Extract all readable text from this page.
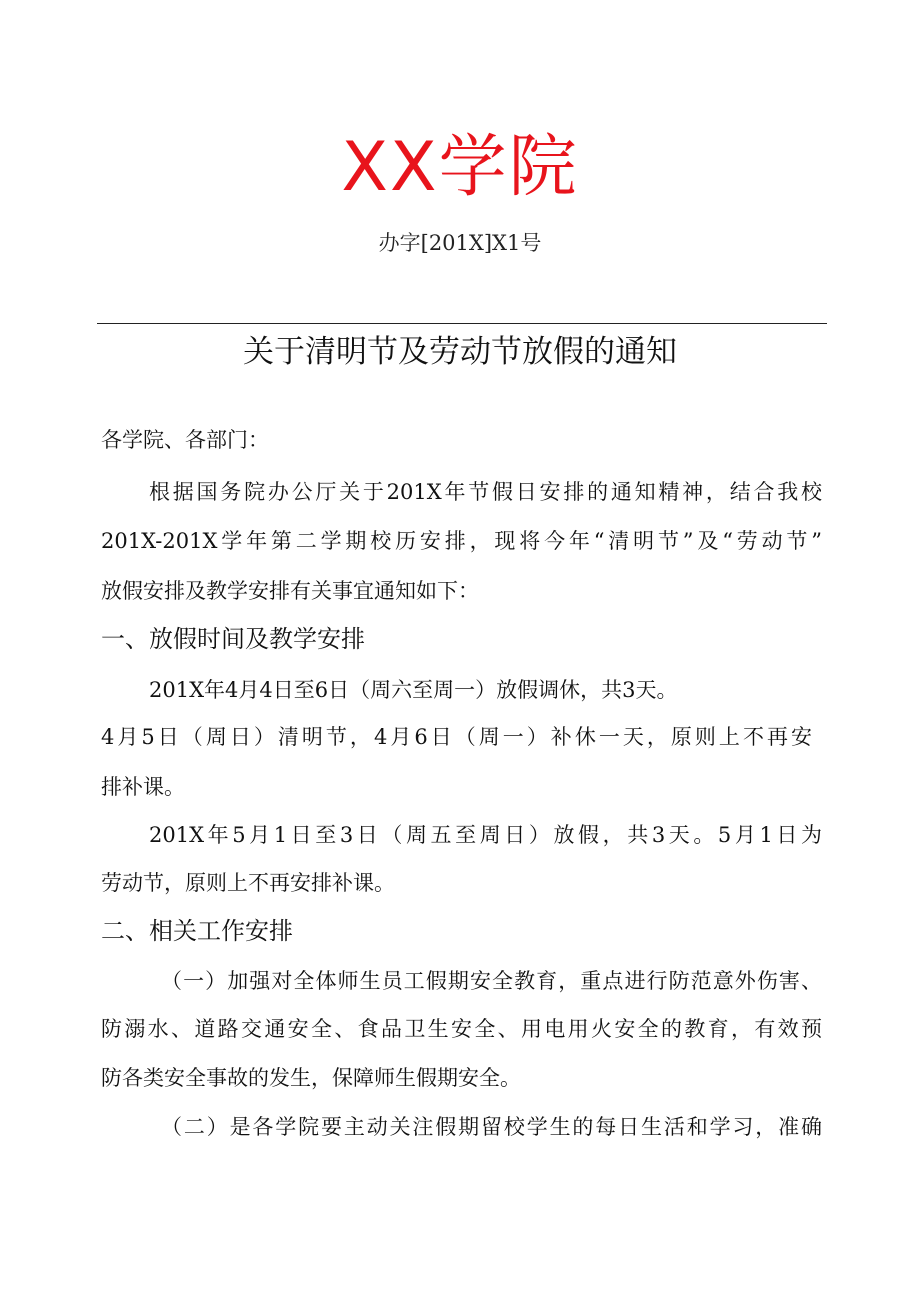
XX学院
办字[201X]X1号
关于清明节及劳动节放假的通知
各学院、各部门：
根据国务院办公厅关于201X年节假日安排的通知精神，结合我校
201X-201X学年第二学期校历安排，现将今年“清明节”及“劳动节”
放假安排及教学安排有关事宜通知如下：
一、放假时间及教学安排
201X年4月4日至6日（周六至周一）放假调休，共3天。
4月5日（周日）清明节，4月6日（周一）补休一天，原则上不再安
排补课。
201X年5月1日至3日（周五至周日）放假，共3天。5月1日为
劳动节，原则上不再安排补课。
二、相关工作安排
（一）加强对全体师生员工假期安全教育，重点进行防范意外伤害、
防溺水、道路交通安全、食品卫生安全、用电用火安全的教育，有效预
防各类安全事故的发生，保障师生假期安全。
（二）是各学院要主动关注假期留校学生的每日生活和学习，准确
